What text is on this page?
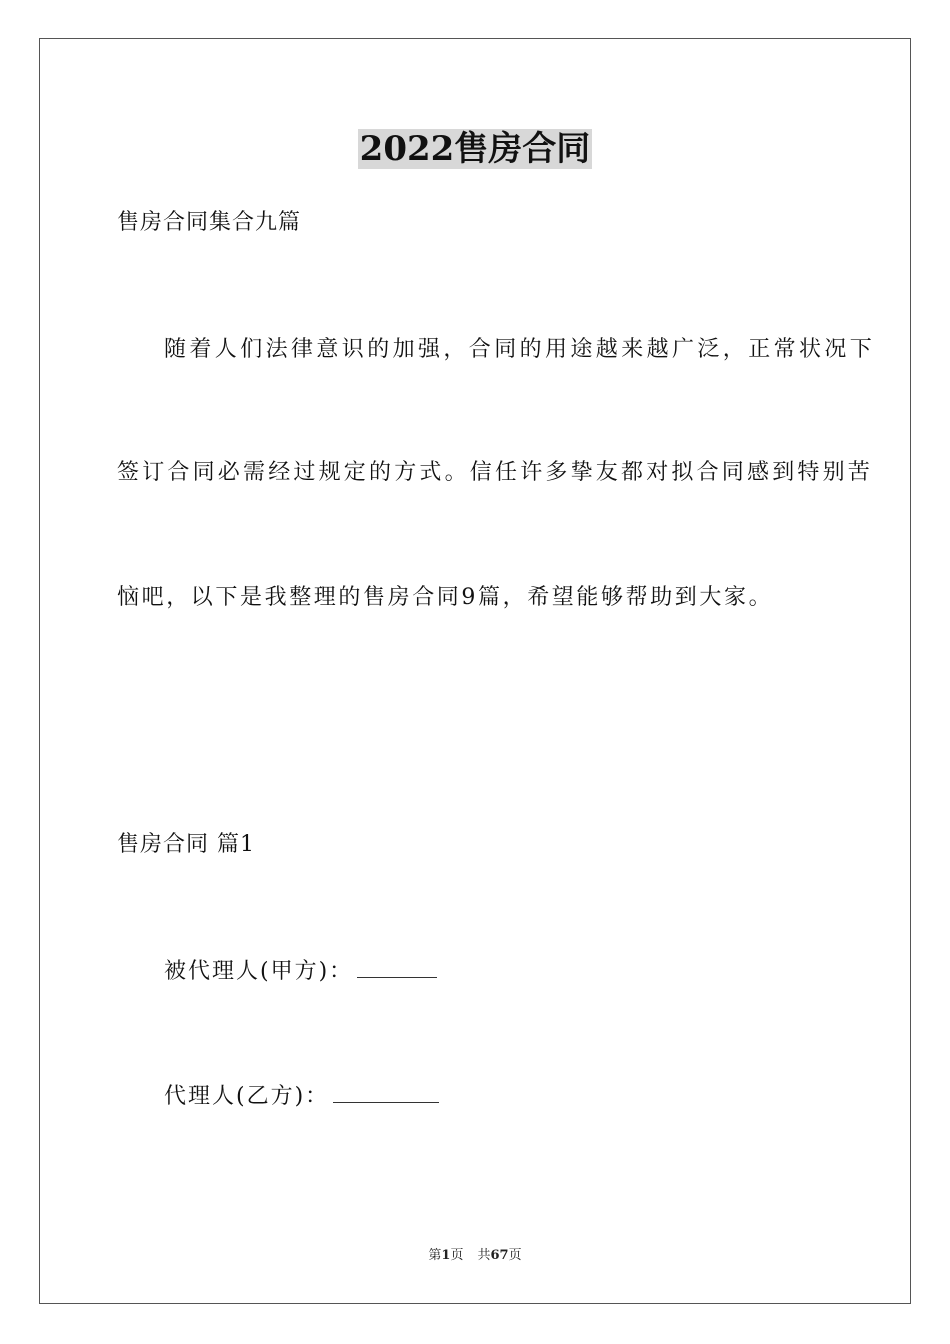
2022售房合同
售房合同集合九篇
随着人们法律意识的加强，合同的用途越来越广泛，正常状况下
签订合同必需经过规定的方式。信任许多挚友都对拟合同感到特别苦
恼吧，以下是我整理的售房合同9篇，希望能够帮助到大家。
售房合同 篇1
被代理人(甲方)：
代理人(乙方)：
第1页 共67页
